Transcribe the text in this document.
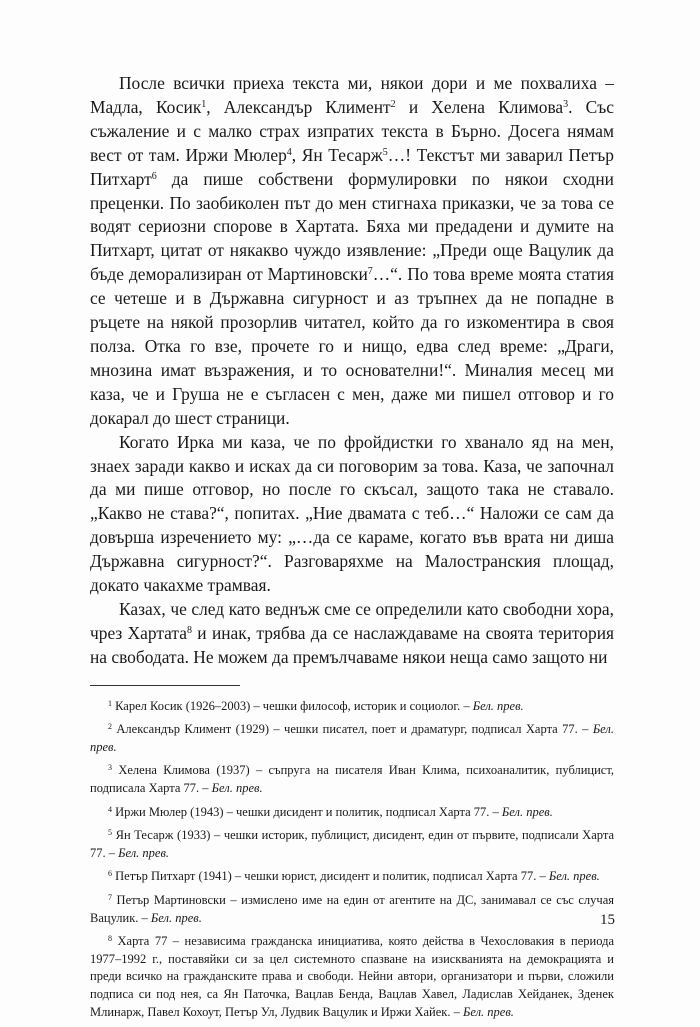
После всички приеха текста ми, някои дори и ме похвалиха – Мадла, Косик$^1$, Александър Климент$^2$ и Хелена Климова$^3$. Със съжаление и с малко страх изпратих текста в Бърно. Досега нямам вест от там. Иржи Мюлер$^4$, Ян Тесарж$^5$…! Текстът ми заварил Петър Питхарт$^6$ да пише собствени формулировки по някои сходни преценки. По заобиколен път до мен стигнаха приказки, че за това се водят сериозни спорове в Хартата. Бяха ми предадени и думите на Питхарт, цитат от някакво чуждо изявление: „Преди още Вацулик да бъде деморализиран от Мартиновски$^7$…“. По това време моята статия се четеше и в Държавна сигурност и аз тръпнех да не попадне в ръцете на някой прозорлив читател, който да го изкоментира в своя полза. Отка го взе, прочете го и нищо, едва след време: „Драги, мнозина имат възражения, и то основателни!“. Миналия месец ми каза, че и Груша не е съгласен с мен, даже ми пишел отговор и го докарал до шест страници.

Когато Ирка ми каза, че по фройдистки го хванало яд на мен, знаех заради какво и исках да си поговорим за това. Каза, че започнал да ми пише отговор, но после го скъсал, защото така не ставало. „Какво не става?“, попитах. „Ние двамата с теб…“ Наложи се сам да довърша изречението му: „…да се караме, когато във врата ни диша Държавна сигурност?“. Разговаряхме на Малостранския площад, докато чакахме трамвая.

Казах, че след като веднъж сме се определили като свободни хора, чрез Хартата$^8$ и инак, трябва да се наслаждаваме на своята територия на свободата. Не можем да премълчаваме някои неща само защото ни

$^1$ Карел Косик (1926–2003) – чешки философ, историк и социолог. – Бел. прев.
$^2$ Александър Климент (1929) – чешки писател, поет и драматург, подписал Харта 77. – Бел. прев.
$^3$ Хелена Климова (1937) – съпруга на писателя Иван Клима, психоаналитик, публицист, подписала Харта 77. – Бел. прев.
$^4$ Иржи Мюлер (1943) – чешки дисидент и политик, подписал Харта 77. – Бел. прев.
$^5$ Ян Тесарж (1933) – чешки историк, публицист, дисидент, един от първите, подписали Харта 77. – Бел. прев.
$^6$ Петър Питхарт (1941) – чешки юрист, дисидент и политик, подписал Харта 77. – Бел. прев.
$^7$ Петър Мартиновски – измислено име на един от агентите на ДС, занимавал се със случая Вацулик. – Бел. прев.
$^8$ Харта 77 – независима гражданска инициатива, която действа в Чехословакия в периода 1977–1992 г., поставяйки си за цел системното спазване на изискванията на демокрацията и преди всичко на гражданските права и свободи. Нейни автори, организатори и първи, сложили подписа си под нея, са Ян Паточка, Вацлав Бенда, Вацлав Хавел, Ладислав Хейданек, Зденек Млинарж, Павел Кохоут, Петър Ул, Лудвик Вацулик и Иржи Хайек. – Бел. прев.
15
